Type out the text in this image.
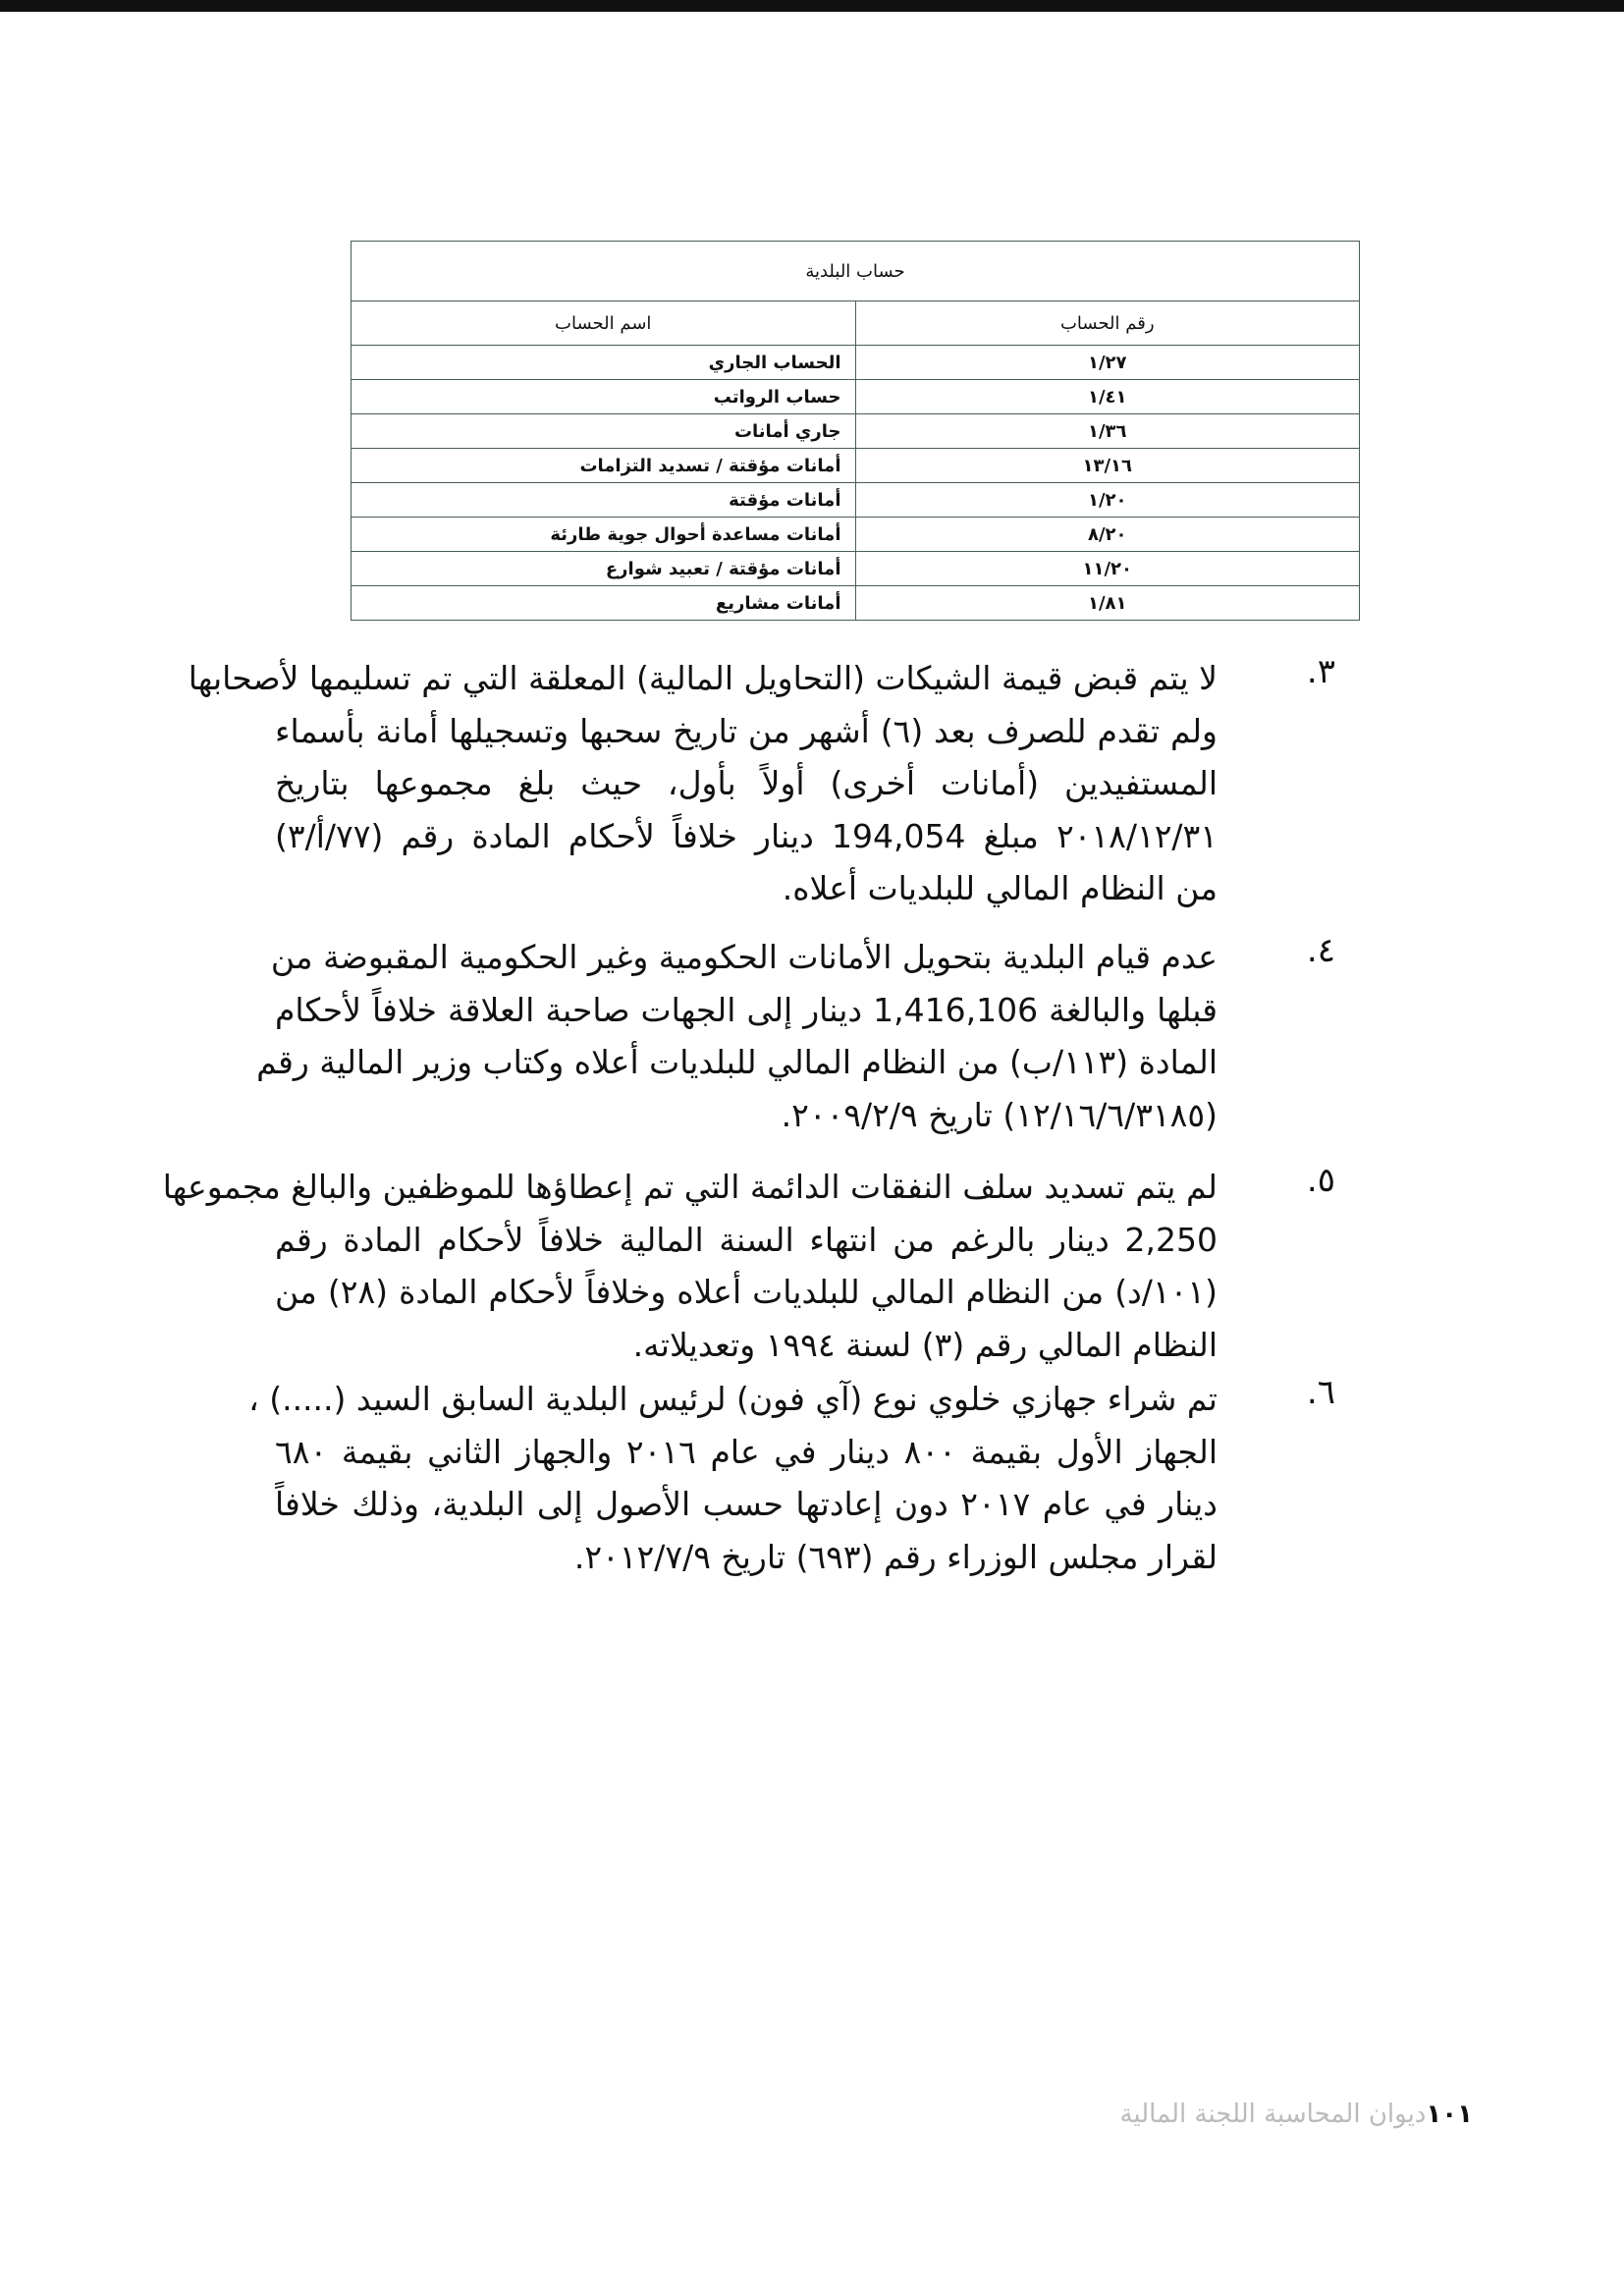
حساب البلدية	
رقم الحساب	اسم الحساب
١/٢٧	الحساب الجاري
١/٤١	حساب الرواتب
١/٣٦	جاري أمانات
١٣/١٦	أمانات مؤقتة / تسديد التزامات
١/٢٠	أمانات مؤقتة
٨/٢٠	أمانات مساعدة أحوال جوية طارئة
١١/٢٠	أمانات مؤقتة / تعبيد شوارع
١/٨١	أمانات مشاريع
٣.
لا يتم قبض قيمة الشيكات (التحاويل المالية) المعلقة التي تم تسليمها لأصحابها
ولم تقدم للصرف بعد (٦) أشهر من تاريخ سحبها وتسجيلها أمانة بأسماء
المستفيدين (أمانات أخرى) أولاً بأول، حيث بلغ مجموعها بتاريخ
٢٠١٨/١٢/٣١ مبلغ 194,054 دينار خلافاً لأحكام المادة رقم (٧٧/أ/٣)
من النظام المالي للبلديات أعلاه.
٤.
عدم قيام البلدية بتحويل الأمانات الحكومية وغير الحكومية المقبوضة من
قبلها والبالغة 1,416,106 دينار إلى الجهات صاحبة العلاقة خلافاً لأحكام
المادة (١١٣/ب) من النظام المالي للبلديات أعلاه وكتاب وزير المالية رقم
(١٢/١٦/٦/٣١٨٥) تاريخ ٢٠٠٩/٢/٩.
٥.
لم يتم تسديد سلف النفقات الدائمة التي تم إعطاؤها للموظفين والبالغ مجموعها
2,250 دينار بالرغم من انتهاء السنة المالية خلافاً لأحكام المادة رقم
(١٠١/د) من النظام المالي للبلديات أعلاه وخلافاً لأحكام المادة (٢٨) من
النظام المالي رقم (٣) لسنة ١٩٩٤ وتعديلاته.
٦.
تم شراء جهازي خلوي نوع (آي فون) لرئيس البلدية السابق السيد (.....) ،
الجهاز الأول بقيمة ٨٠٠ دينار في عام ٢٠١٦ والجهاز الثاني بقيمة ٦٨٠
دينار في عام ٢٠١٧ دون إعادتها حسب الأصول إلى البلدية، وذلك خلافاً
لقرار مجلس الوزراء رقم (٦٩٣) تاريخ ٢٠١٢/٧/٩.
١٠١ديوان المحاسبة اللجنة المالية
